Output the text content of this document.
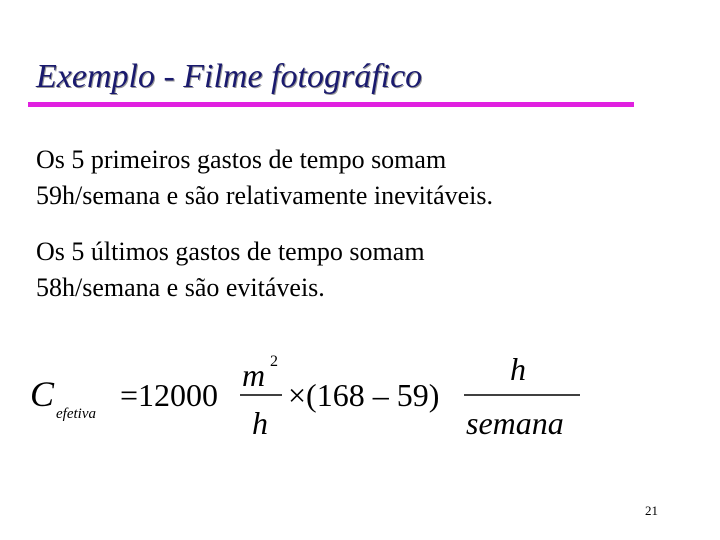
Exemplo - Filme fotográfico

Os 5 primeiros gastos de tempo somam
59h/semana e são relativamente inevitáveis.

Os 5 últimos gastos de tempo somam
58h/semana e são evitáveis.

C efetiva
=12000
m 2
h
×(168 – 59)
h
semana
21
